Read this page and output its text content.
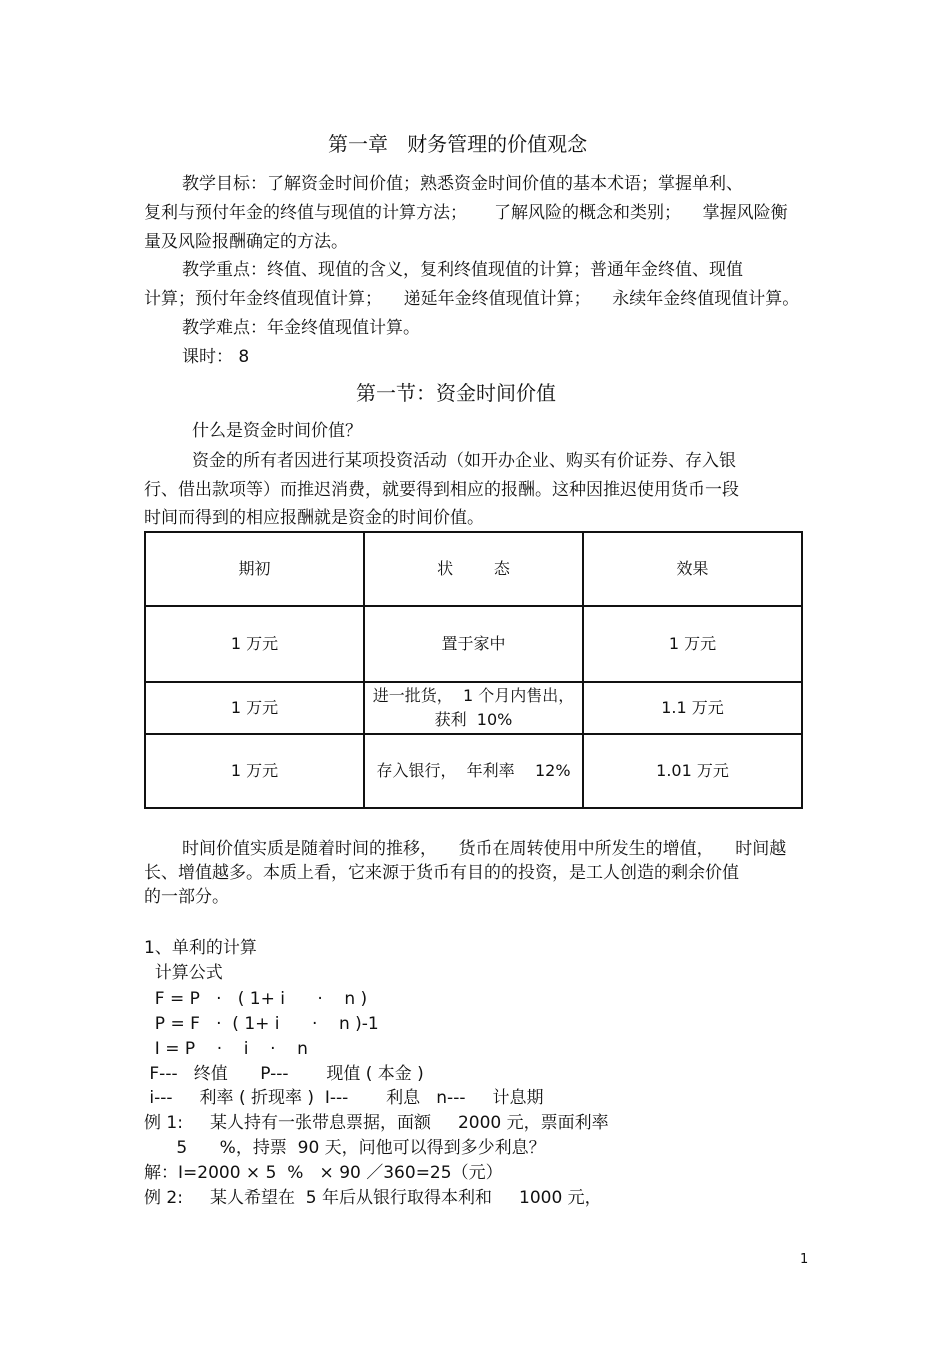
第一章   财务管理的价值观念
教学目标：了解资金时间价值；熟悉资金时间价值的基本术语；掌握单利、
复利与预付年金的终值与现值的计算方法；     了解风险的概念和类别；    掌握风险衡
量及风险报酬确定的方法。
教学重点：终值、现值的含义，复利终值现值的计算；普通年金终值、现值
计算；预付年金终值现值计算；    递延年金终值现值计算；    永续年金终值现值计算。
教学难点：年金终值现值计算。
课时： 8
第一节：资金时间价值
什么是资金时间价值？
资金的所有者因进行某项投资活动（如开办企业、购买有价证券、存入银
行、借出款项等）而推迟消费，就要得到相应的报酬。这种因推迟使用货币一段
时间而得到的相应报酬就是资金的时间价值。
期初	状        态	效果
1 万元	置于家中	1 万元
1 万元	进一批货，  1 个月内售出，
获利  10%	1.1 万元
1 万元	存入银行，  年利率    12%	1.01 万元
时间价值实质是随着时间的推移，    货币在周转使用中所发生的增值，    时间越
长、增值越多。本质上看，它来源于货币有目的的投资，是工人创造的剩余价值
的一部分。
1、单利的计算
计算公式
F = P   ·   ( 1+ i      ·    n )
P = F   ·  ( 1+ i      ·    n )-1
I = P    ·    i    ·    n
F---   终值      P---       现值 ( 本金 )
i---     利率 ( 折现率 )  I---       利息   n---     计息期
例 1:     某人持有一张带息票据，面额     2000 元，票面利率
5      %，持票  90 天，问他可以得到多少利息？
解：I=2000 × 5  %   × 90 ／360=25（元）
例 2:     某人希望在  5 年后从银行取得本利和     1000 元，
1
